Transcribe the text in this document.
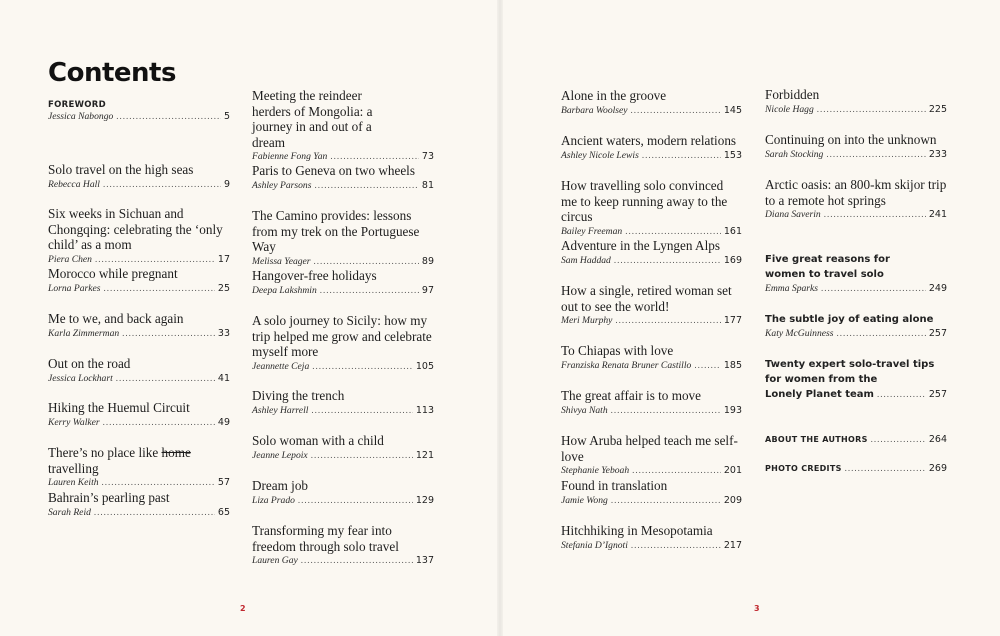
Contents
FOREWORD
Jessica Nabongo .....	5
Solo travel on the high seas
Rebecca Hall .....	9
Six weeks in Sichuan and Chongqing: celebrating the ‘only child’ as a mom
Piera Chen .....	17
Morocco while pregnant
Lorna Parkes .....	25
Me to we, and back again
Karla Zimmerman .....	33
Out on the road
Jessica Lockhart .....	41
Hiking the Huemul Circuit
Kerry Walker .....	49
There’s no place like home travelling
Lauren Keith .....	57
Bahrain’s pearling past
Sarah Reid .....	65
Meeting the reindeer herders of Mongolia: a journey in and out of a dream
Fabienne Fong Yan .....	73
Paris to Geneva on two wheels
Ashley Parsons .....	81
The Camino provides: lessons from my trek on the Portuguese Way
Melissa Yeager .....	89
Hangover-free holidays
Deepa Lakshmin .....	97
A solo journey to Sicily: how my trip helped me grow and celebrate myself more
Jeannette Ceja .....	105
Diving the trench
Ashley Harrell .....	113
Solo woman with a child
Jeanne Lepoix .....	121
Dream job
Liza Prado .....	129
Transforming my fear into freedom through solo travel
Lauren Gay .....	137
Alone in the groove
Barbara Woolsey .....	145
Ancient waters, modern relations
Ashley Nicole Lewis .....	153
How travelling solo convinced me to keep running away to the circus
Bailey Freeman .....	161
Adventure in the Lyngen Alps
Sam Haddad .....	169
How a single, retired woman set out to see the world!
Meri Murphy .....	177
To Chiapas with love
Franziska Renata Bruner Castillo .....	185
The great affair is to move
Shivya Nath .....	193
How Aruba helped teach me self-love
Stephanie Yeboah .....	201
Found in translation
Jamie Wong .....	209
Hitchhiking in Mesopotamia
Stefania D’Ignoti .....	217
Forbidden
Nicole Hagg .....	225
Continuing on into the unknown
Sarah Stocking .....	233
Arctic oasis: an 800-km skijor trip to a remote hot springs
Diana Saverin .....	241
Five great reasons for women to travel solo
Emma Sparks .....	249
The subtle joy of eating alone
Katy McGuinness .....	257
Twenty expert solo-travel tips
for women from the
Lonely Planet team .....	257
ABOUT THE AUTHORS .....	264
PHOTO CREDITS .....	269
2	3
